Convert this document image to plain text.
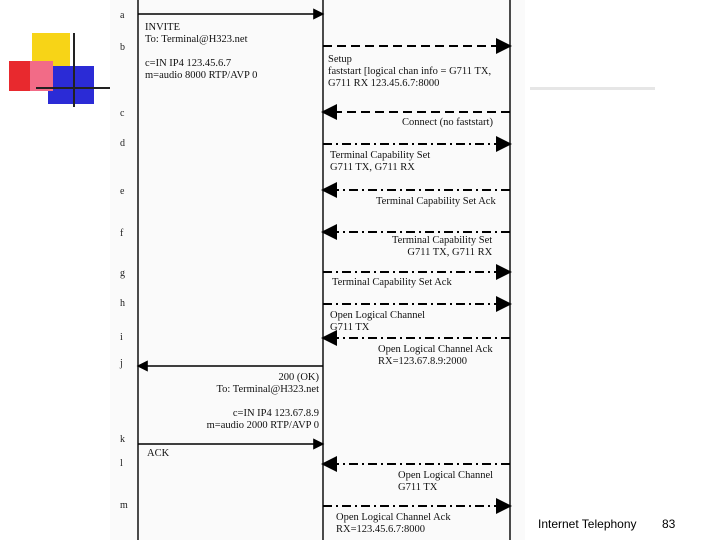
a
b
c
d
e
f
g
h
i
j
k
l
m
INVITE
To: Terminal@H323.net

c=IN IP4 123.45.6.7
m=audio 8000 RTP/AVP 0
Setup
faststart [logical chan info = G711 TX,
G711 RX 123.45.6.7:8000
Connect (no faststart)
Terminal Capability Set
G711 TX, G711 RX
Terminal Capability Set Ack
Terminal Capability Set
G711 TX, G711 RX
Terminal Capability Set Ack
Open Logical Channel
G711 TX
Open Logical Channel Ack
RX=123.67.8.9:2000
200 (OK)
To: Terminal@H323.net

c=IN IP4 123.67.8.9
m=audio 2000 RTP/AVP 0
ACK
Open Logical Channel
G711 TX
Open Logical Channel Ack
RX=123.45.6.7:8000	Internet Telephony 83
